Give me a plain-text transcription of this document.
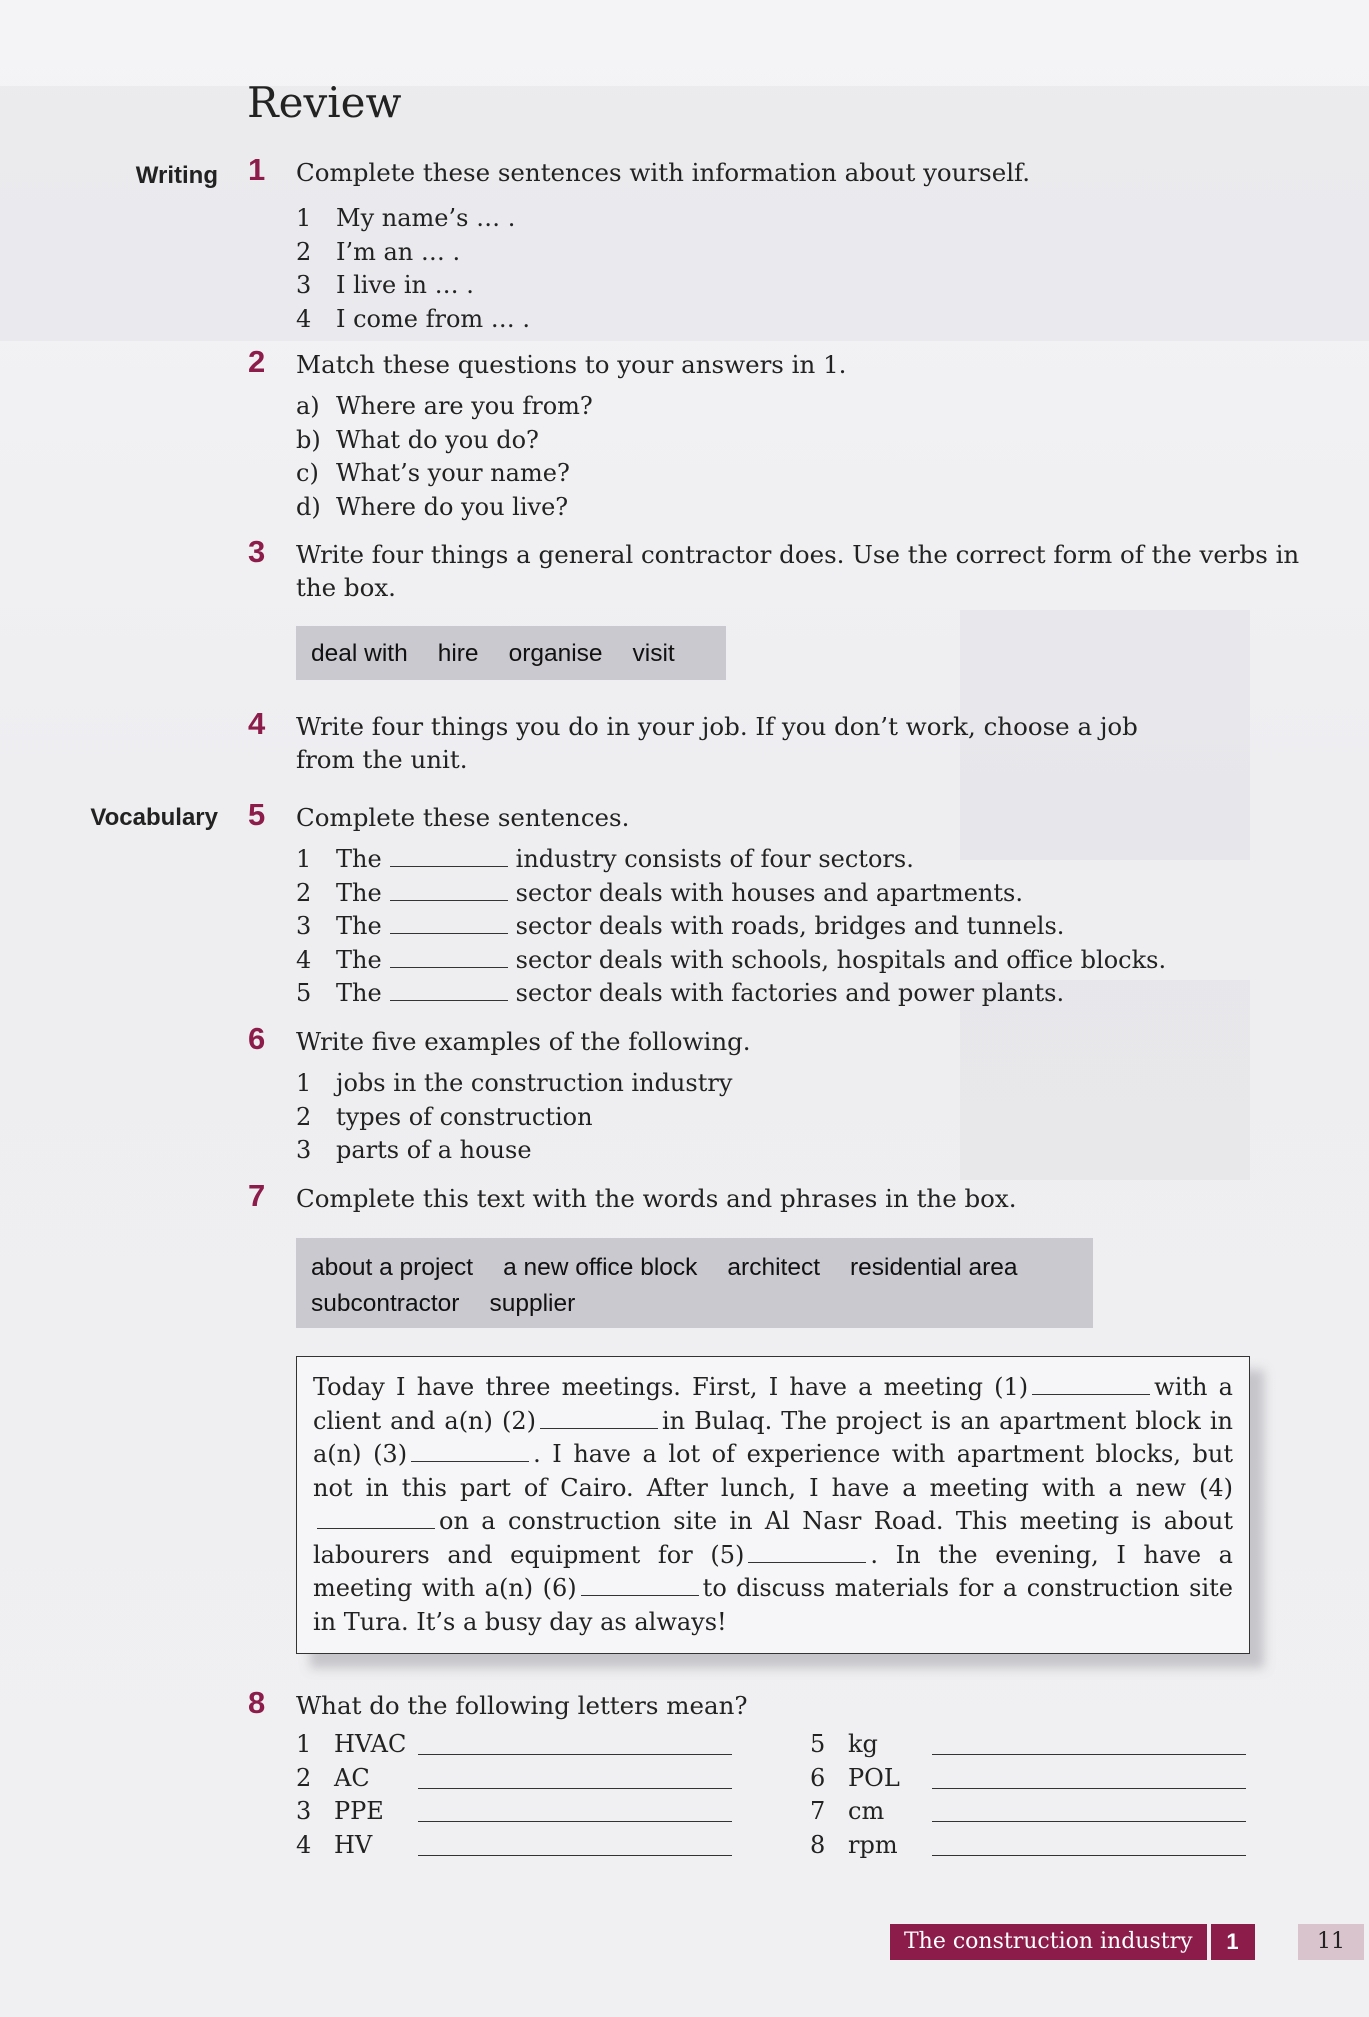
Review
Writing
Vocabulary
1 Complete these sentences with information about yourself.
1 My name’s … .
2 I’m an … .
3 I live in … .
4 I come from … .
2 Match these questions to your answers in 1.
a) Where are you from?
b) What do you do?
c) What’s your name?
d) Where do you live?
3 Write four things a general contractor does. Use the correct form of the verbs in the box.
deal with hire organise visit
4 Write four things you do in your job. If you don’t work, choose a job from the unit.
5 Complete these sentences.
1 The	industry consists of four sectors.
2 The	sector deals with houses and apartments.
3 The	sector deals with roads, bridges and tunnels.
4 The	sector deals with schools, hospitals and office blocks.
5 The	sector deals with factories and power plants.
6 Write five examples of the following.
1 jobs in the construction industry
2 types of construction
3 parts of a house
7 Complete this text with the words and phrases in the box.
about a project a new office block architect residential area
subcontractor supplier

Today I have three meetings. First, I have a meeting (1)	with a client and a(n) (2)	in Bulaq. The project is an apartment block in a(n) (3)	. I have a lot of experience with apartment blocks, but not in this part of Cairo. After lunch, I have a meeting with a new (4)on a construction site in Al Nasr Road. This meeting is about labourers and equipment for (5)	. In the evening, I have a meeting with a(n) (6)	to discuss materials for a construction site in Tura. It’s a busy day as always!

8 What do the following letters mean?
1 HVAC
2 AC
3 PPE
4 HV
5 kg
6 POL
7 cm
8 rpm
The construction industry	1	11
